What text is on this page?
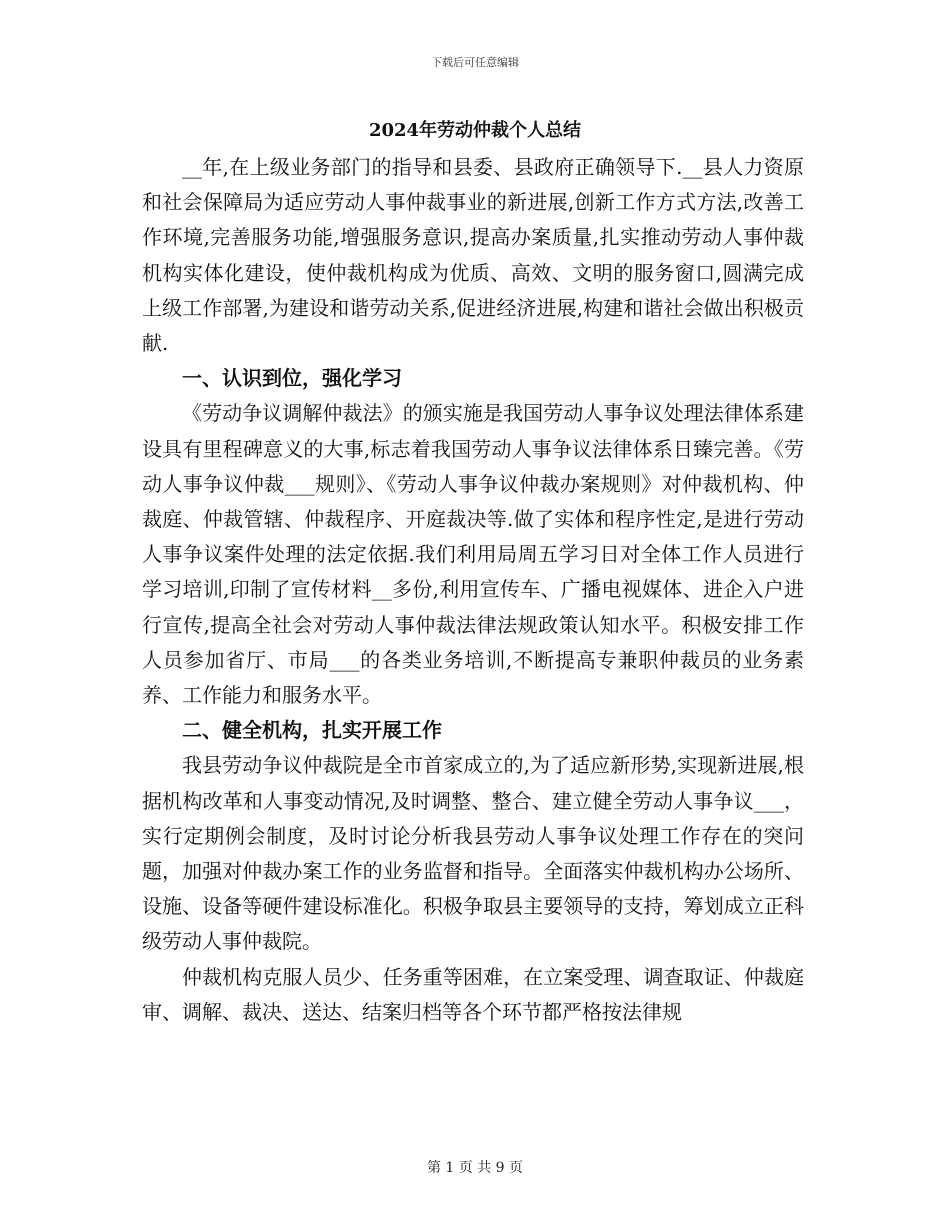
下载后可任意编辑
2024年劳动仲裁个人总结

__年,在上级业务部门的指导和县委、县政府正确领导下.__县人力资原和社会保障局为适应劳动人事仲裁事业的新进展,创新工作方式方法,改善工作环境,完善服务功能,增强服务意识,提高办案质量,扎实推动劳动人事仲裁机构实体化建设，使仲裁机构成为优质、高效、文明的服务窗口,圆满完成上级工作部署,为建设和谐劳动关系,促进经济进展,构建和谐社会做出积极贡献.

一、认识到位，强化学习

《劳动争议调解仲裁法》的颁实施是我国劳动人事争议处理法律体系建设具有里程碑意义的大事,标志着我国劳动人事争议法律体系日臻完善。《劳动人事争议仲裁___规则》、《劳动人事争议仲裁办案规则》对仲裁机构、仲裁庭、仲裁管辖、仲裁程序、开庭裁决等.做了实体和程序性定,是进行劳动人事争议案件处理的法定依据.我们利用局周五学习日对全体工作人员进行学习培训,印制了宣传材料__多份,利用宣传车、广播电视媒体、进企入户进行宣传,提高全社会对劳动人事仲裁法律法规政策认知水平。积极安排工作人员参加省厅、市局___的各类业务培训,不断提高专兼职仲裁员的业务素养、工作能力和服务水平。

二、健全机构，扎实开展工作

我县劳动争议仲裁院是全市首家成立的,为了适应新形势,实现新进展,根据机构改革和人事变动情况,及时调整、整合、建立健全劳动人事争议___，实行定期例会制度，及时讨论分析我县劳动人事争议处理工作存在的突问题，加强对仲裁办案工作的业务监督和指导。全面落实仲裁机构办公场所、设施、设备等硬件建设标准化。积极争取县主要领导的支持，筹划成立正科级劳动人事仲裁院。

仲裁机构克服人员少、任务重等困难，在立案受理、调查取证、仲裁庭审、调解、裁决、送达、结案归档等各个环节都严格按法律规

第 1 页 共 9 页
